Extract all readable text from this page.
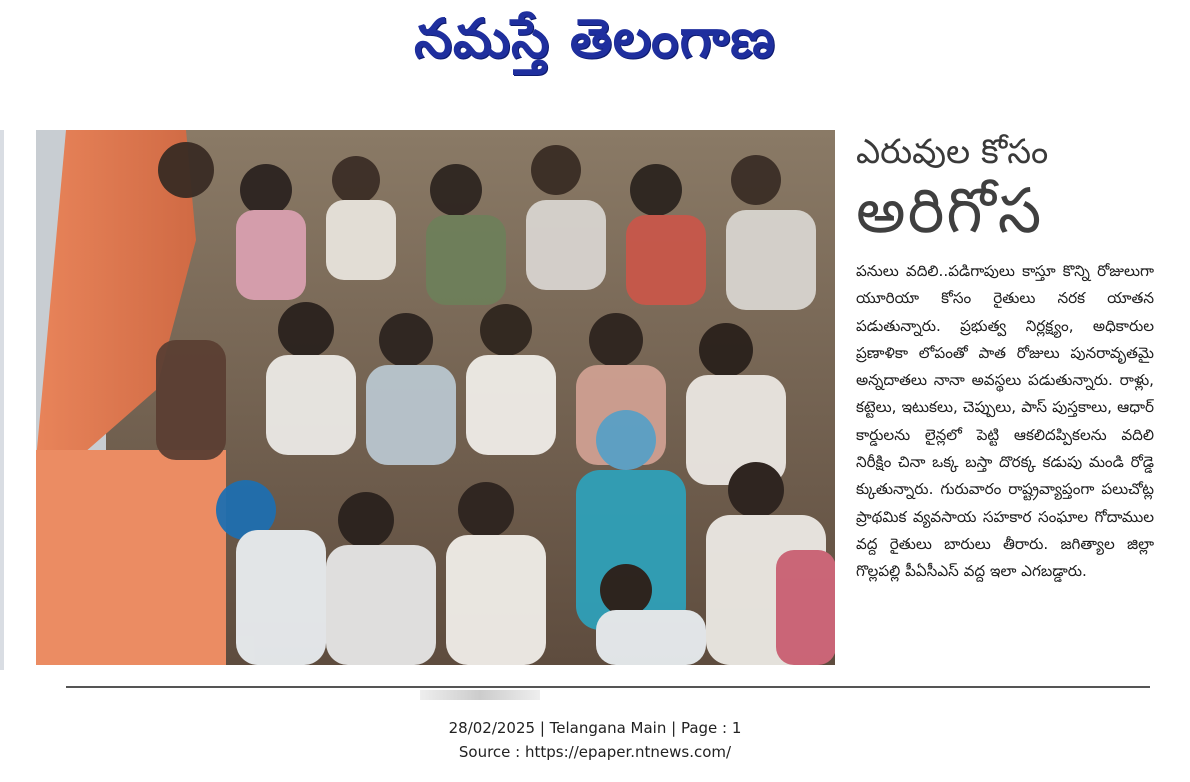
నమస్తే తెలంగాణ

ఎరువుల కోసం

అరిగోస

పనులు వదిలి..పడిగాపులు కాస్తూ కొన్ని రోజులుగా యూరియా కోసం రైతులు నరక యాతన పడుతున్నారు. ప్రభుత్వ నిర్లక్ష్యం, అధికారుల ప్రణాళికా లోపంతో పాత రోజులు పునరావృతమై అన్నదాతలు నానా అవస్థలు పడుతున్నారు. రాళ్లు, కట్టెలు, ఇటుకలు, చెప్పులు, పాస్ పుస్తకాలు, ఆధార్ కార్డులను లైన్లలో పెట్టి ఆకలిదప్పికలను వదిలి నిరీక్షిం చినా ఒక్క బస్తా దొరక్క కడుపు మండి రోడ్డె క్కుతున్నారు. గురువారం రాష్ట్రవ్యాప్తంగా పలుచోట్ల ప్రాథమిక వ్యవసాయ సహకార సంఘాల గోదాముల వద్ద రైతులు బారులు తీరారు. జగిత్యాల జిల్లా గొల్లపల్లి పీఏసీఎస్ వద్ద ఇలా ఎగబడ్డారు.

28/02/2025 | Telangana Main | Page : 1
Source : https://epaper.ntnews.com/
